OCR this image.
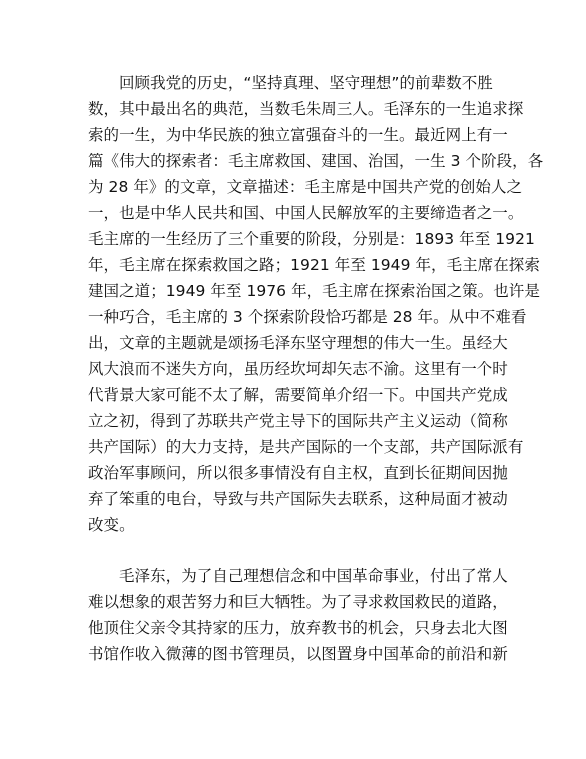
回顾我党的历史，“坚持真理、坚守理想”的前辈数不胜
数，其中最出名的典范，当数毛朱周三人。毛泽东的一生追求探
索的一生，为中华民族的独立富强奋斗的一生。最近网上有一
篇《伟大的探索者：毛主席救国、建国、治国，一生 3 个阶段，各
为 28 年》的文章，文章描述：毛主席是中国共产党的创始人之
一，也是中华人民共和国、中国人民解放军的主要缔造者之一。
毛主席的一生经历了三个重要的阶段，分别是：1893 年至 1921
年，毛主席在探索救国之路；1921 年至 1949 年，毛主席在探索
建国之道；1949 年至 1976 年，毛主席在探索治国之策。也许是
一种巧合，毛主席的 3 个探索阶段恰巧都是 28 年。从中不难看
出，文章的主题就是颂扬毛泽东坚守理想的伟大一生。虽经大
风大浪而不迷失方向，虽历经坎坷却矢志不渝。这里有一个时
代背景大家可能不太了解，需要简单介绍一下。中国共产党成
立之初，得到了苏联共产党主导下的国际共产主义运动（简称
共产国际）的大力支持，是共产国际的一个支部，共产国际派有
政治军事顾问，所以很多事情没有自主权，直到长征期间因抛
弃了笨重的电台，导致与共产国际失去联系，这种局面才被动
改变。
毛泽东，为了自己理想信念和中国革命事业，付出了常人
难以想象的艰苦努力和巨大牺牲。为了寻求救国救民的道路，
他顶住父亲令其持家的压力，放弃教书的机会，只身去北大图
书馆作收入微薄的图书管理员，以图置身中国革命的前沿和新
